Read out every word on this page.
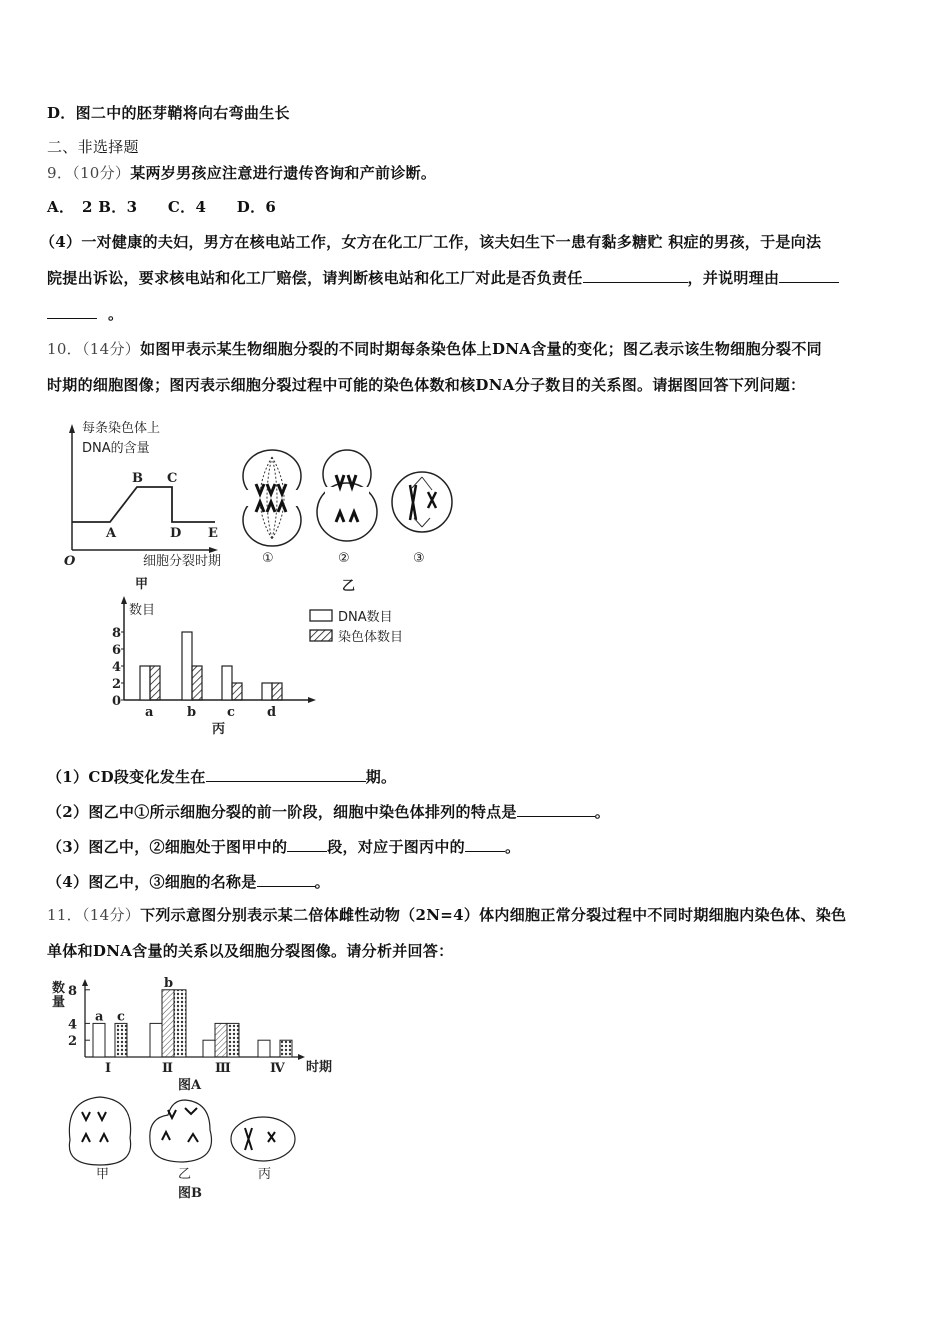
D．图二中的胚芽鞘将向右弯曲生长
二、非选择题
9．（10分）某两岁男孩应注意进行遗传咨询和产前诊断。
A．　2 B．3　　C．4　　D．6
（4）一对健康的夫妇，男方在核电站工作，女方在化工厂工作，该夫妇生下一患有黏多糖贮 积症的男孩，于是向法
院提出诉讼，要求核电站和化工厂赔偿，请判断核电站和化工厂对此是否负责任	，并说明理由
。
10．（14分）如图甲表示某生物细胞分裂的不同时期每条染色体上DNA含量的变化；图乙表示该生物细胞分裂不同
时期的细胞图像；图丙表示细胞分裂过程中可能的染色体数和核DNA分子数目的关系图。请据图回答下列问题：
每条染色体上
DNA的含量
细胞分裂时期
O
A
B C
D E
甲
①	②	③
乙
数目
丙
DNA数目
染色体数目
0
2
4
6
8
a	b c d
数
量
时期
图A
2
4
8
a c
Ⅰ
b
Ⅱ	Ⅲ	Ⅳ
甲	乙	丙
图B
（1）CD段变化发生在	期。
（2）图乙中①所示细胞分裂的前一阶段，细胞中染色体排列的特点是	。
（3）图乙中，②细胞处于图甲中的	段，对应于图丙中的	。
（4）图乙中，③细胞的名称是	。
11．（14分）下列示意图分别表示某二倍体雌性动物（2N=4）体内细胞正常分裂过程中不同时期细胞内染色体、染色
单体和DNA含量的关系以及细胞分裂图像。请分析并回答：
